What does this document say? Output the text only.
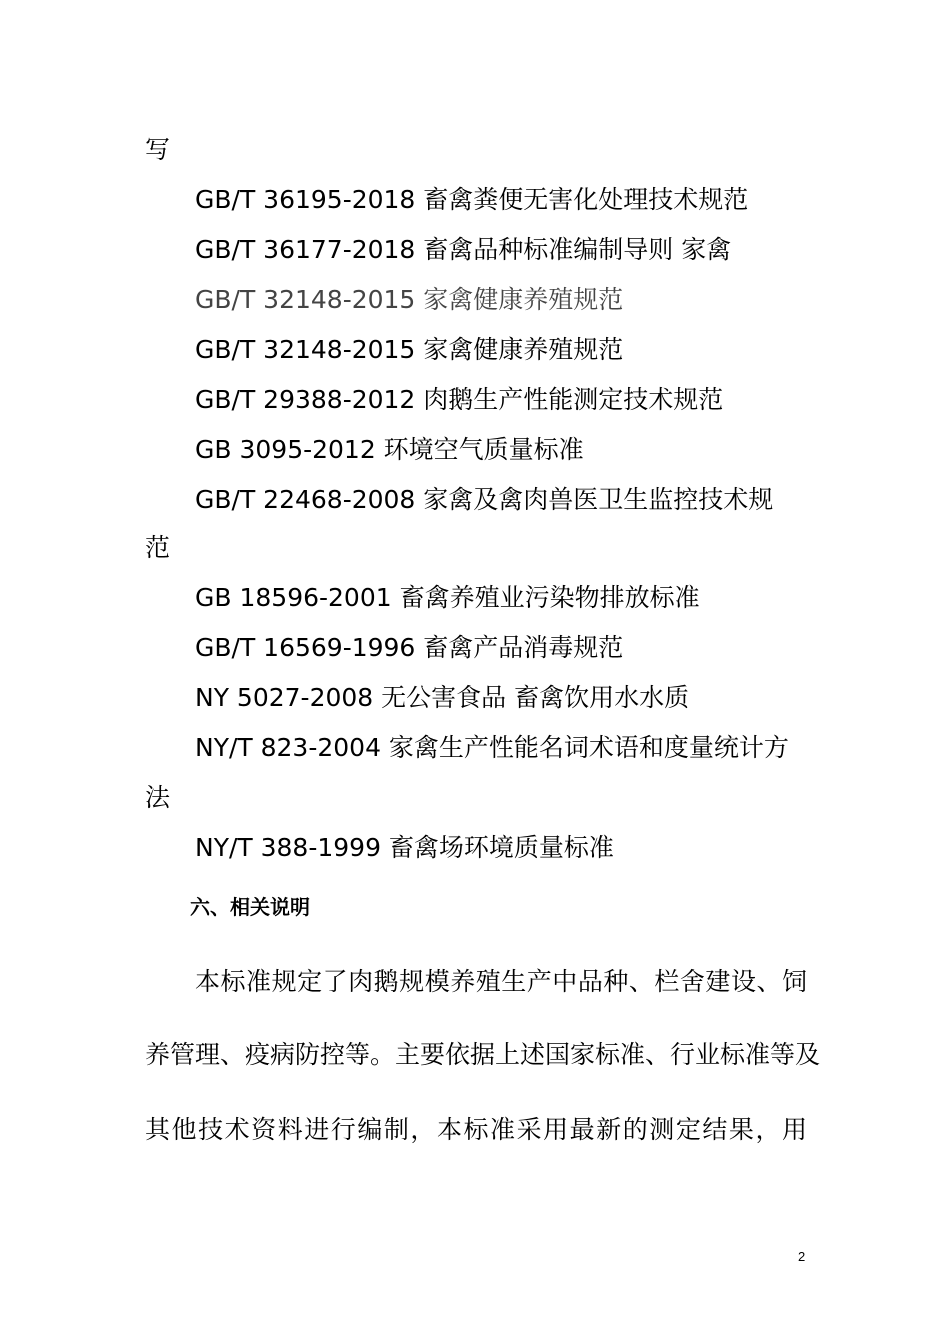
写
GB/T 36195-2018 畜禽粪便无害化处理技术规范
GB/T 36177-2018 畜禽品种标准编制导则 家禽
GB/T 32148-2015 家禽健康养殖规范
GB/T 32148-2015 家禽健康养殖规范
GB/T 29388-2012 肉鹅生产性能测定技术规范
GB 3095-2012 环境空气质量标准
GB/T 22468-2008 家禽及禽肉兽医卫生监控技术规
范
GB 18596-2001 畜禽养殖业污染物排放标准
GB/T 16569-1996 畜禽产品消毒规范
NY 5027-2008 无公害食品 畜禽饮用水水质
NY/T 823-2004 家禽生产性能名词术语和度量统计方
法
NY/T 388-1999 畜禽场环境质量标准
六、相关说明
本标准规定了肉鹅规模养殖生产中品种、栏舍建设、饲
养管理、疫病防控等。主要依据上述国家标准、行业标准等及
其他技术资料进行编制，本标准采用最新的测定结果，用
2
